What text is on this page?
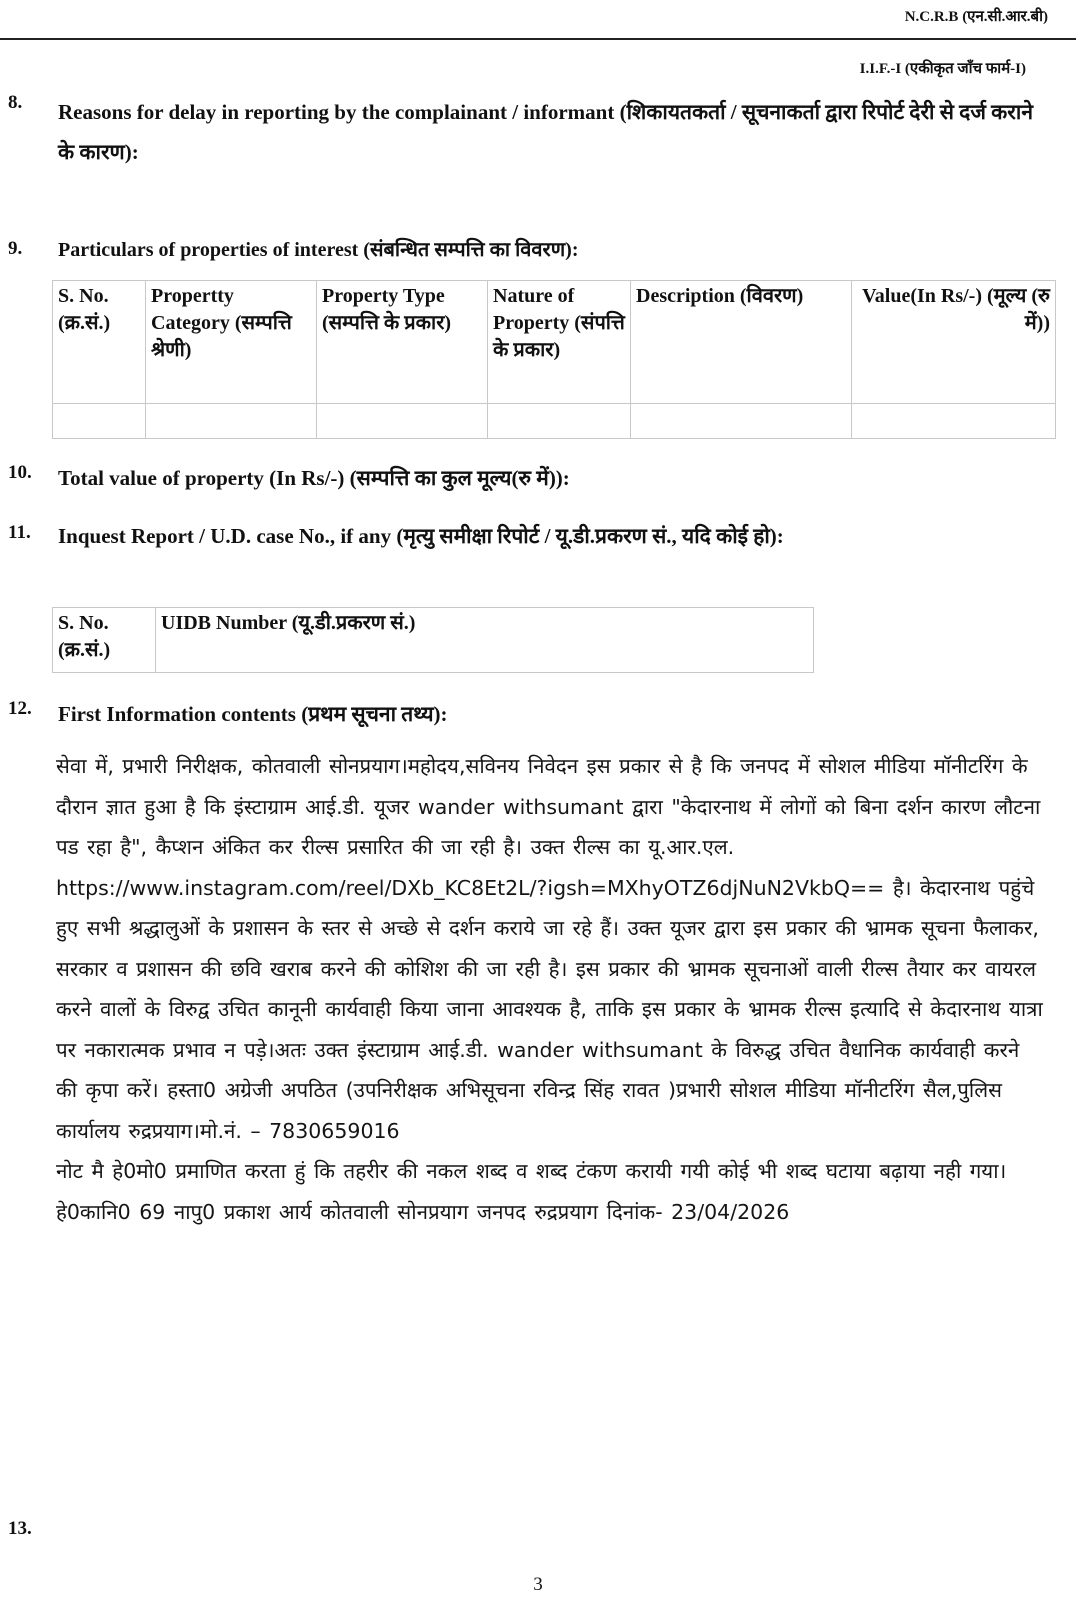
N.C.R.B (एन.सी.आर.बी)
I.I.F.-I (एकीकृत जाँच फार्म-I)
8. Reasons for delay in reporting by the complainant / informant (शिकायतकर्ता / सूचनाकर्ता द्वारा रिपोर्ट देरी से दर्ज कराने के कारण):
9. Particulars of properties of interest (संबन्धित सम्पत्ति का विवरण):
S. No. (क्र.सं.)	Propertty Category (सम्पत्ति श्रेणी)	Property Type (सम्पत्ति के प्रकार)	Nature of Property (संपत्ति के प्रकार)	Description (विवरण)	Value(In Rs/-) (मूल्य (रु में))

10. Total value of property (In Rs/-) (सम्पत्ति का कुल मूल्य(रु में)):
11. Inquest Report / U.D. case No., if any (मृत्यु समीक्षा रिपोर्ट / यू.डी.प्रकरण सं., यदि कोई हो):
S. No. (क्र.सं.)	UIDB Number (यू.डी.प्रकरण सं.)
12. First Information contents (प्रथम सूचना तथ्य):

सेवा में, प्रभारी निरीक्षक, कोतवाली सोनप्रयाग।महोदय,सविनय निवेदन इस प्रकार से है कि जनपद में सोशल मीडिया मॉनीटरिंग के दौरान ज्ञात हुआ है कि इंस्टाग्राम आई.डी. यूजर wander withsumant द्वारा "केदारनाथ में लोगों को बिना दर्शन कारण लौटना पड रहा है", कैप्शन अंकित कर रील्स प्रसारित की जा रही है। उक्त रील्स का यू.आर.एल.

https://www.instagram.com/reel/DXb_KC8Et2L/?igsh=MXhyOTZ6djNuN2VkbQ== है। केदारनाथ पहुंचे हुए सभी श्रद्धालुओं के प्रशासन के स्तर से अच्छे से दर्शन कराये जा रहे हैं। उक्त यूजर द्वारा इस प्रकार की भ्रामक सूचना फैलाकर, सरकार व प्रशासन की छवि खराब करने की कोशिश की जा रही है। इस प्रकार की भ्रामक सूचनाओं वाली रील्स तैयार कर वायरल करने वालों के विरुद्व उचित कानूनी कार्यवाही किया जाना आवश्यक है, ताकि इस प्रकार के भ्रामक रील्स इत्यादि से केदारनाथ यात्रा पर नकारात्मक प्रभाव न पड़े।अतः उक्त इंस्टाग्राम आई.डी. wander withsumant के विरुद्ध उचित वैधानिक कार्यवाही करने की कृपा करें। हस्ता0 अग्रेजी अपठित (उपनिरीक्षक अभिसूचना रविन्द्र सिंह रावत )प्रभारी सोशल मीडिया मॉनीटरिंग सैल,पुलिस कार्यालय रुद्रप्रयाग।मो.नं. – 7830659016

नोट मै हे0मो0 प्रमाणित करता हुं कि तहरीर की नकल शब्द व शब्द टंकण करायी गयी कोई भी शब्द घटाया बढ़ाया नही गया। हे0कानि0 69 नापु0 प्रकाश आर्य कोतवाली सोनप्रयाग जनपद रुद्रप्रयाग दिनांक- 23/04/2026

13.
3
